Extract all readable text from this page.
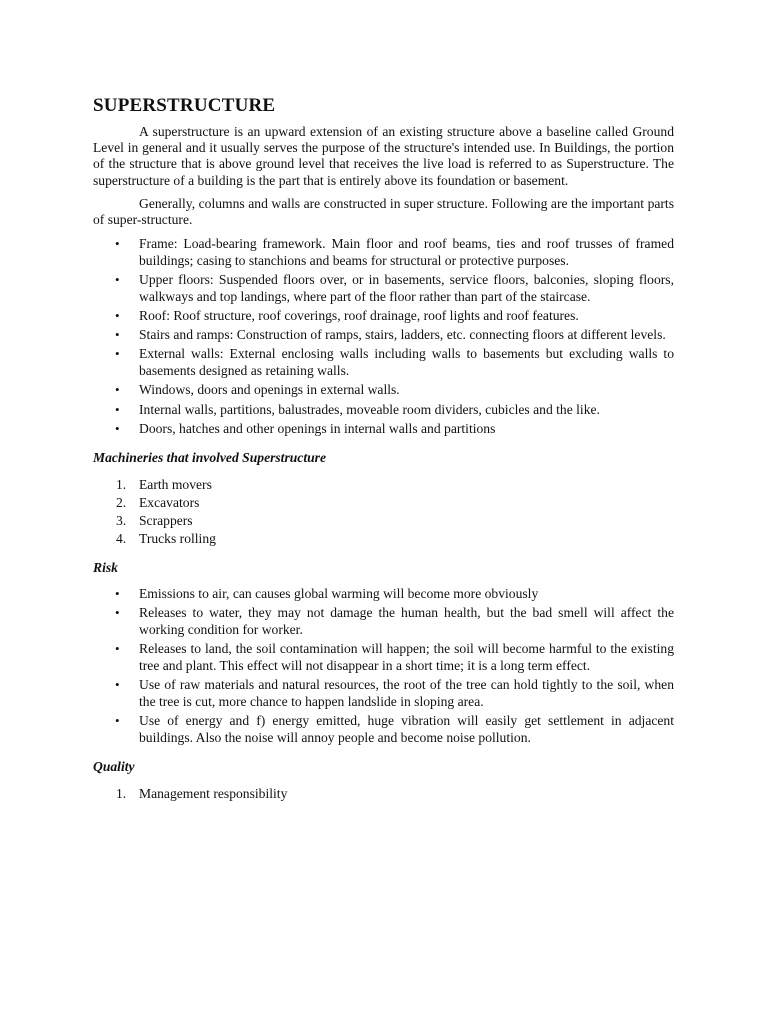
SUPERSTRUCTURE

A superstructure is an upward extension of an existing structure above a baseline called Ground Level in general and it usually serves the purpose of the structure's intended use. In Buildings, the portion of the structure that is above ground level that receives the live load is referred to as Superstructure. The superstructure of a building is the part that is entirely above its foundation or basement.

Generally, columns and walls are constructed in super structure. Following are the important parts of super-structure.

• Frame: Load-bearing framework. Main floor and roof beams, ties and roof trusses of framed buildings; casing to stanchions and beams for structural or protective purposes.
• Upper floors: Suspended floors over, or in basements, service floors, balconies, sloping floors, walkways and top landings, where part of the floor rather than part of the staircase.
• Roof: Roof structure, roof coverings, roof drainage, roof lights and roof features.
• Stairs and ramps: Construction of ramps, stairs, ladders, etc. connecting floors at different levels.
• External walls: External enclosing walls including walls to basements but excluding walls to basements designed as retaining walls.
• Windows, doors and openings in external walls.
• Internal walls, partitions, balustrades, moveable room dividers, cubicles and the like.
• Doors, hatches and other openings in internal walls and partitions
Machineries that involved Superstructure
1. Earth movers
2. Excavators
3. Scrappers
4. Trucks rolling
Risk
• Emissions to air, can causes global warming will become more obviously
• Releases to water, they may not damage the human health, but the bad smell will affect the working condition for worker.
• Releases to land, the soil contamination will happen; the soil will become harmful to the existing tree and plant. This effect will not disappear in a short time; it is a long term effect.
• Use of raw materials and natural resources, the root of the tree can hold tightly to the soil, when the tree is cut, more chance to happen landslide in sloping area.
• Use of energy and f) energy emitted, huge vibration will easily get settlement in adjacent buildings. Also the noise will annoy people and become noise pollution.
Quality
1. Management responsibility
